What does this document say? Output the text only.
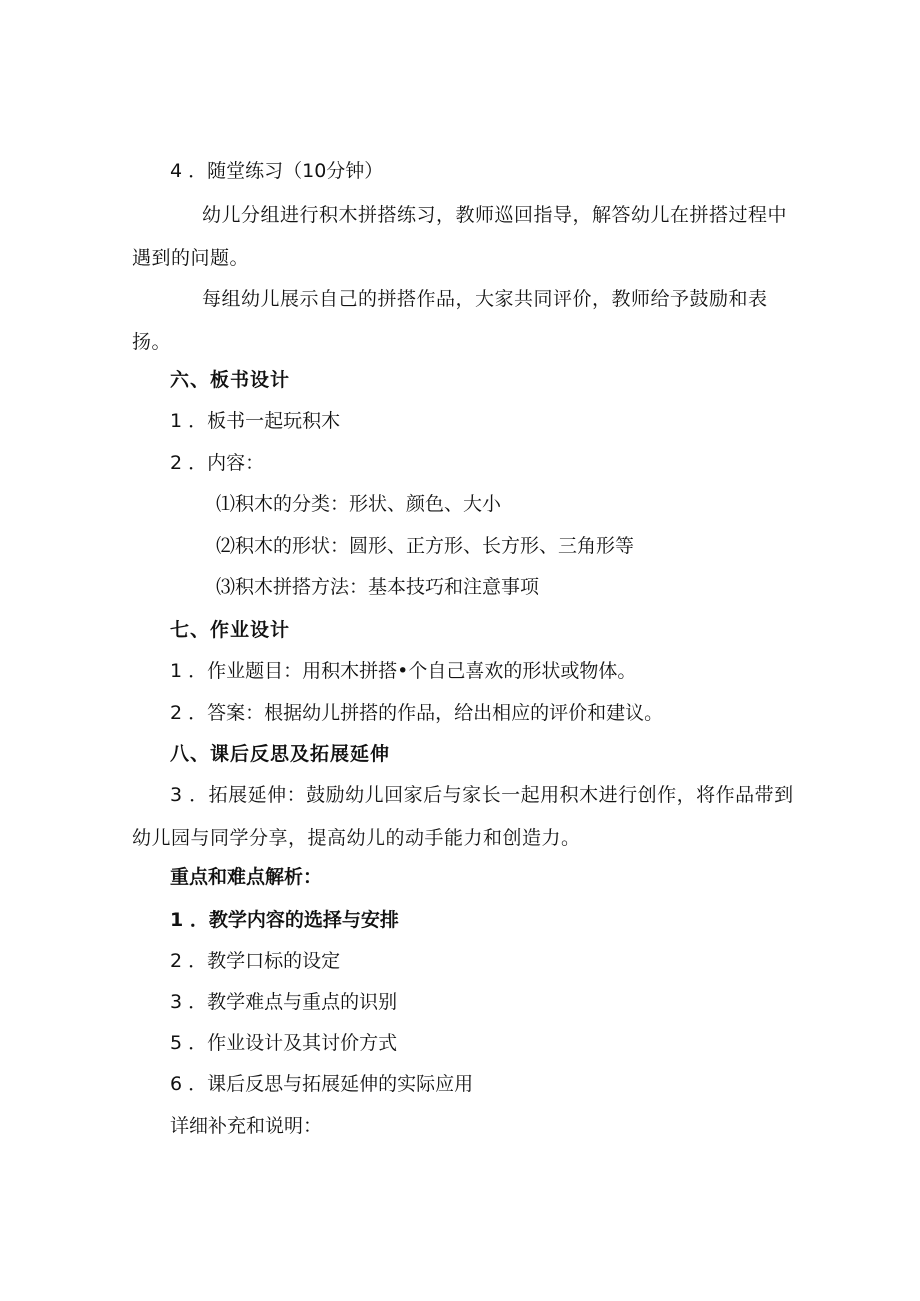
4 ．随堂练习（10分钟）
幼儿分组进行积木拼搭练习，教师巡回指导，解答幼儿在拼搭过程中遇到的问题。
每组幼儿展示自己的拼搭作品，大家共同评价，教师给予鼓励和表扬。
六、板书设计
1 ．板书一起玩积木
2 ．内容：
⑴积木的分类：形状、颜色、大小
⑵积木的形状：圆形、正方形、长方形、三角形等
⑶积木拼搭方法：基本技巧和注意事项
七、作业设计
1 ．作业题目：用积木拼搭•个自己喜欢的形状或物体。
2 ．答案：根据幼儿拼搭的作品，给出相应的评价和建议。
八、课后反思及拓展延伸
3 ．拓展延伸：鼓励幼儿回家后与家长一起用积木进行创作，将作品带到幼儿园与同学分享，提高幼儿的动手能力和创造力。
重点和难点解析：
1 ．教学内容的选择与安排
2 ．教学口标的设定
3 ．教学难点与重点的识别
5 ．作业设计及其讨价方式
6 ．课后反思与拓展延伸的实际应用
详细补充和说明：
